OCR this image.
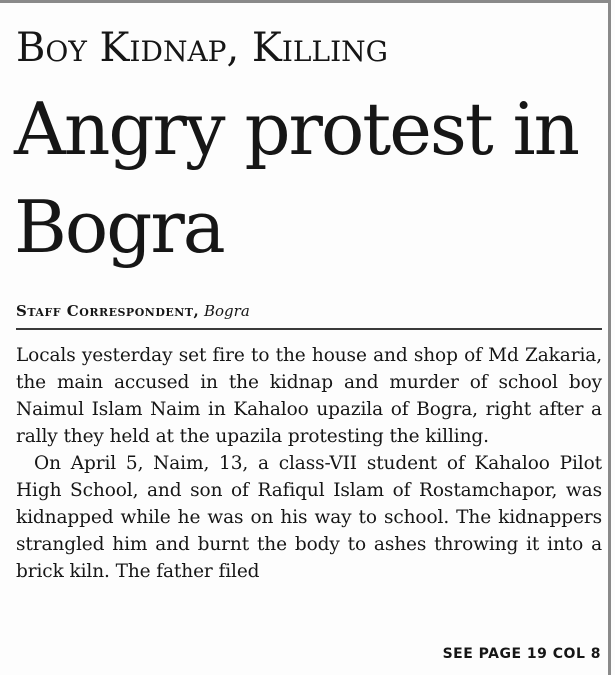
Boy Kidnap, Killing
Angry protest in Bogra
Staff Correspondent, Bogra

Locals yesterday set fire to the house and shop of Md Zakaria, the main accused in the kidnap and murder of school boy Naimul Islam Naim in Kahaloo upazila of Bogra, right after a rally they held at the upazila protesting the killing.

On April 5, Naim, 13, a class-VII student of Kahaloo Pilot High School, and son of Rafiqul Islam of Rostamchapor, was kidnapped while he was on his way to school. The kidnappers strangled him and burnt the body to ashes throwing it into a brick kiln. The father filed

SEE PAGE 19 COL 8
